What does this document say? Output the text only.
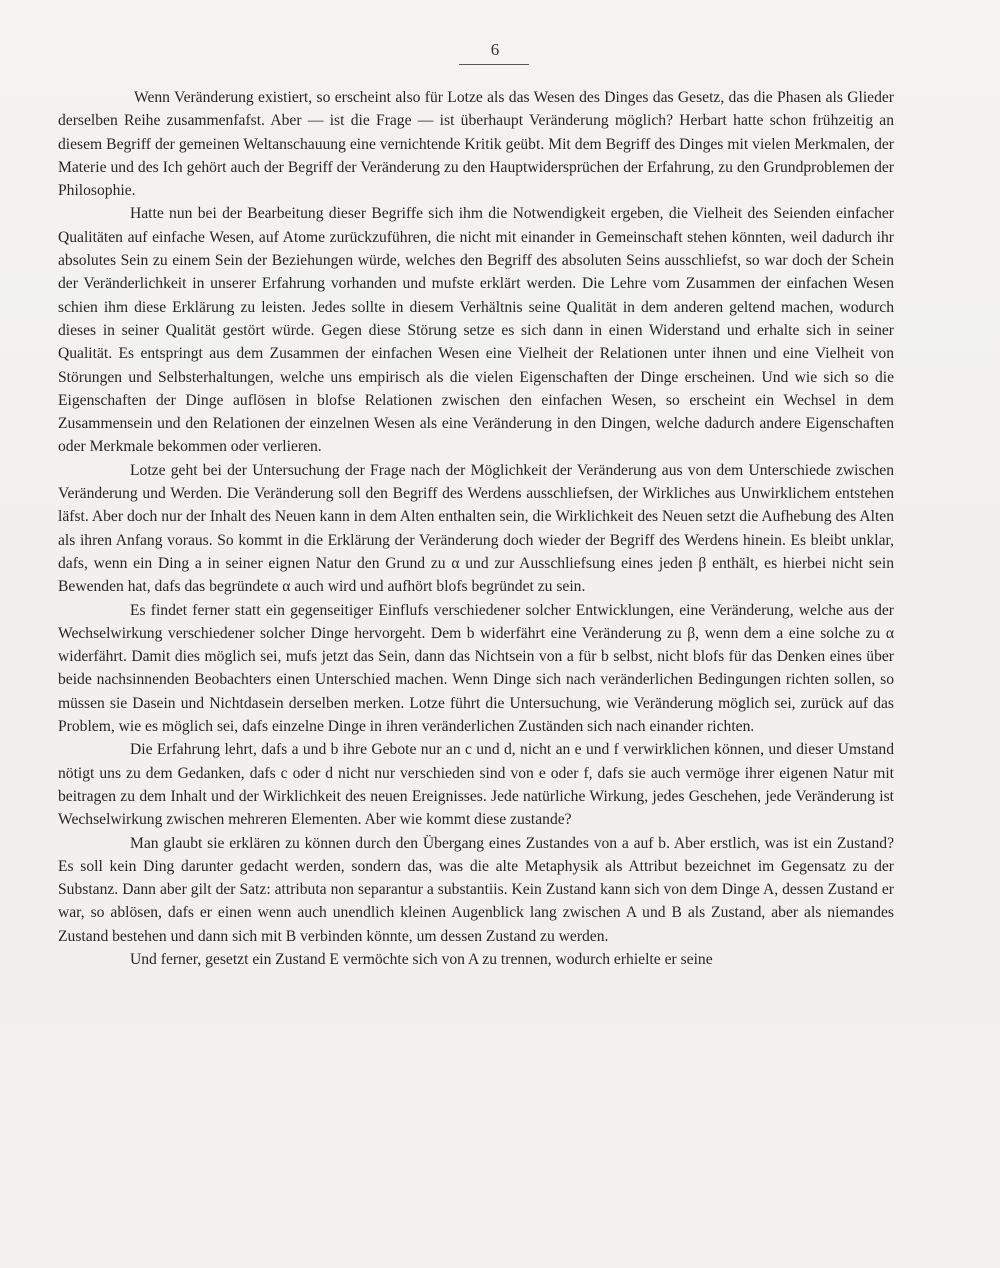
6

Wenn Veränderung existiert, so erscheint also für Lotze als das Wesen des Dinges das Gesetz, das die Phasen als Glieder derselben Reihe zusammenfafst. Aber — ist die Frage — ist überhaupt Veränderung möglich? Herbart hatte schon frühzeitig an diesem Begriff der gemeinen Weltanschauung eine vernichtende Kritik geübt. Mit dem Begriff des Dinges mit vielen Merkmalen, der Materie und des Ich gehört auch der Begriff der Veränderung zu den Hauptwidersprüchen der Erfahrung, zu den Grundproblemen der Philosophie.

Hatte nun bei der Bearbeitung dieser Begriffe sich ihm die Notwendigkeit ergeben, die Vielheit des Seienden einfacher Qualitäten auf einfache Wesen, auf Atome zurückzuführen, die nicht mit einander in Gemeinschaft stehen könnten, weil dadurch ihr absolutes Sein zu einem Sein der Beziehungen würde, welches den Begriff des absoluten Seins ausschliefst, so war doch der Schein der Veränderlichkeit in unserer Erfahrung vorhanden und mufste erklärt werden. Die Lehre vom Zusammen der einfachen Wesen schien ihm diese Erklärung zu leisten. Jedes sollte in diesem Verhältnis seine Qualität in dem anderen geltend machen, wodurch dieses in seiner Qualität gestört würde. Gegen diese Störung setze es sich dann in einen Widerstand und erhalte sich in seiner Qualität. Es entspringt aus dem Zusammen der einfachen Wesen eine Vielheit der Relationen unter ihnen und eine Vielheit von Störungen und Selbsterhaltungen, welche uns empirisch als die vielen Eigenschaften der Dinge erscheinen. Und wie sich so die Eigenschaften der Dinge auflösen in blofse Relationen zwischen den einfachen Wesen, so erscheint ein Wechsel in dem Zusammensein und den Relationen der einzelnen Wesen als eine Veränderung in den Dingen, welche dadurch andere Eigenschaften oder Merkmale bekommen oder verlieren.

Lotze geht bei der Untersuchung der Frage nach der Möglichkeit der Veränderung aus von dem Unterschiede zwischen Veränderung und Werden. Die Veränderung soll den Begriff des Werdens ausschliefsen, der Wirkliches aus Unwirklichem entstehen läfst. Aber doch nur der Inhalt des Neuen kann in dem Alten enthalten sein, die Wirklichkeit des Neuen setzt die Aufhebung des Alten als ihren Anfang voraus. So kommt in die Erklärung der Veränderung doch wieder der Begriff des Werdens hinein. Es bleibt unklar, dafs, wenn ein Ding a in seiner eignen Natur den Grund zu α und zur Ausschliefsung eines jeden β enthält, es hierbei nicht sein Bewenden hat, dafs das begründete α auch wird und aufhört blofs begründet zu sein.

Es findet ferner statt ein gegenseitiger Einflufs verschiedener solcher Entwicklungen, eine Veränderung, welche aus der Wechselwirkung verschiedener solcher Dinge hervorgeht. Dem b widerfährt eine Veränderung zu β, wenn dem a eine solche zu α widerfährt. Damit dies möglich sei, mufs jetzt das Sein, dann das Nichtsein von a für b selbst, nicht blofs für das Denken eines über beide nachsinnenden Beobachters einen Unterschied machen. Wenn Dinge sich nach veränderlichen Bedingungen richten sollen, so müssen sie Dasein und Nichtdasein derselben merken. Lotze führt die Untersuchung, wie Veränderung möglich sei, zurück auf das Problem, wie es möglich sei, dafs einzelne Dinge in ihren veränderlichen Zuständen sich nach einander richten.

Die Erfahrung lehrt, dafs a und b ihre Gebote nur an c und d, nicht an e und f verwirklichen können, und dieser Umstand nötigt uns zu dem Gedanken, dafs c oder d nicht nur verschieden sind von e oder f, dafs sie auch vermöge ihrer eigenen Natur mit beitragen zu dem Inhalt und der Wirklichkeit des neuen Ereignisses. Jede natürliche Wirkung, jedes Geschehen, jede Veränderung ist Wechselwirkung zwischen mehreren Elementen. Aber wie kommt diese zustande?

Man glaubt sie erklären zu können durch den Übergang eines Zustandes von a auf b. Aber erstlich, was ist ein Zustand? Es soll kein Ding darunter gedacht werden, sondern das, was die alte Metaphysik als Attribut bezeichnet im Gegensatz zu der Substanz. Dann aber gilt der Satz: attributa non separantur a substantiis. Kein Zustand kann sich von dem Dinge A, dessen Zustand er war, so ablösen, dafs er einen wenn auch unendlich kleinen Augenblick lang zwischen A und B als Zustand, aber als niemandes Zustand bestehen und dann sich mit B verbinden könnte, um dessen Zustand zu werden.

Und ferner, gesetzt ein Zustand E vermöchte sich von A zu trennen, wodurch erhielte er seine
